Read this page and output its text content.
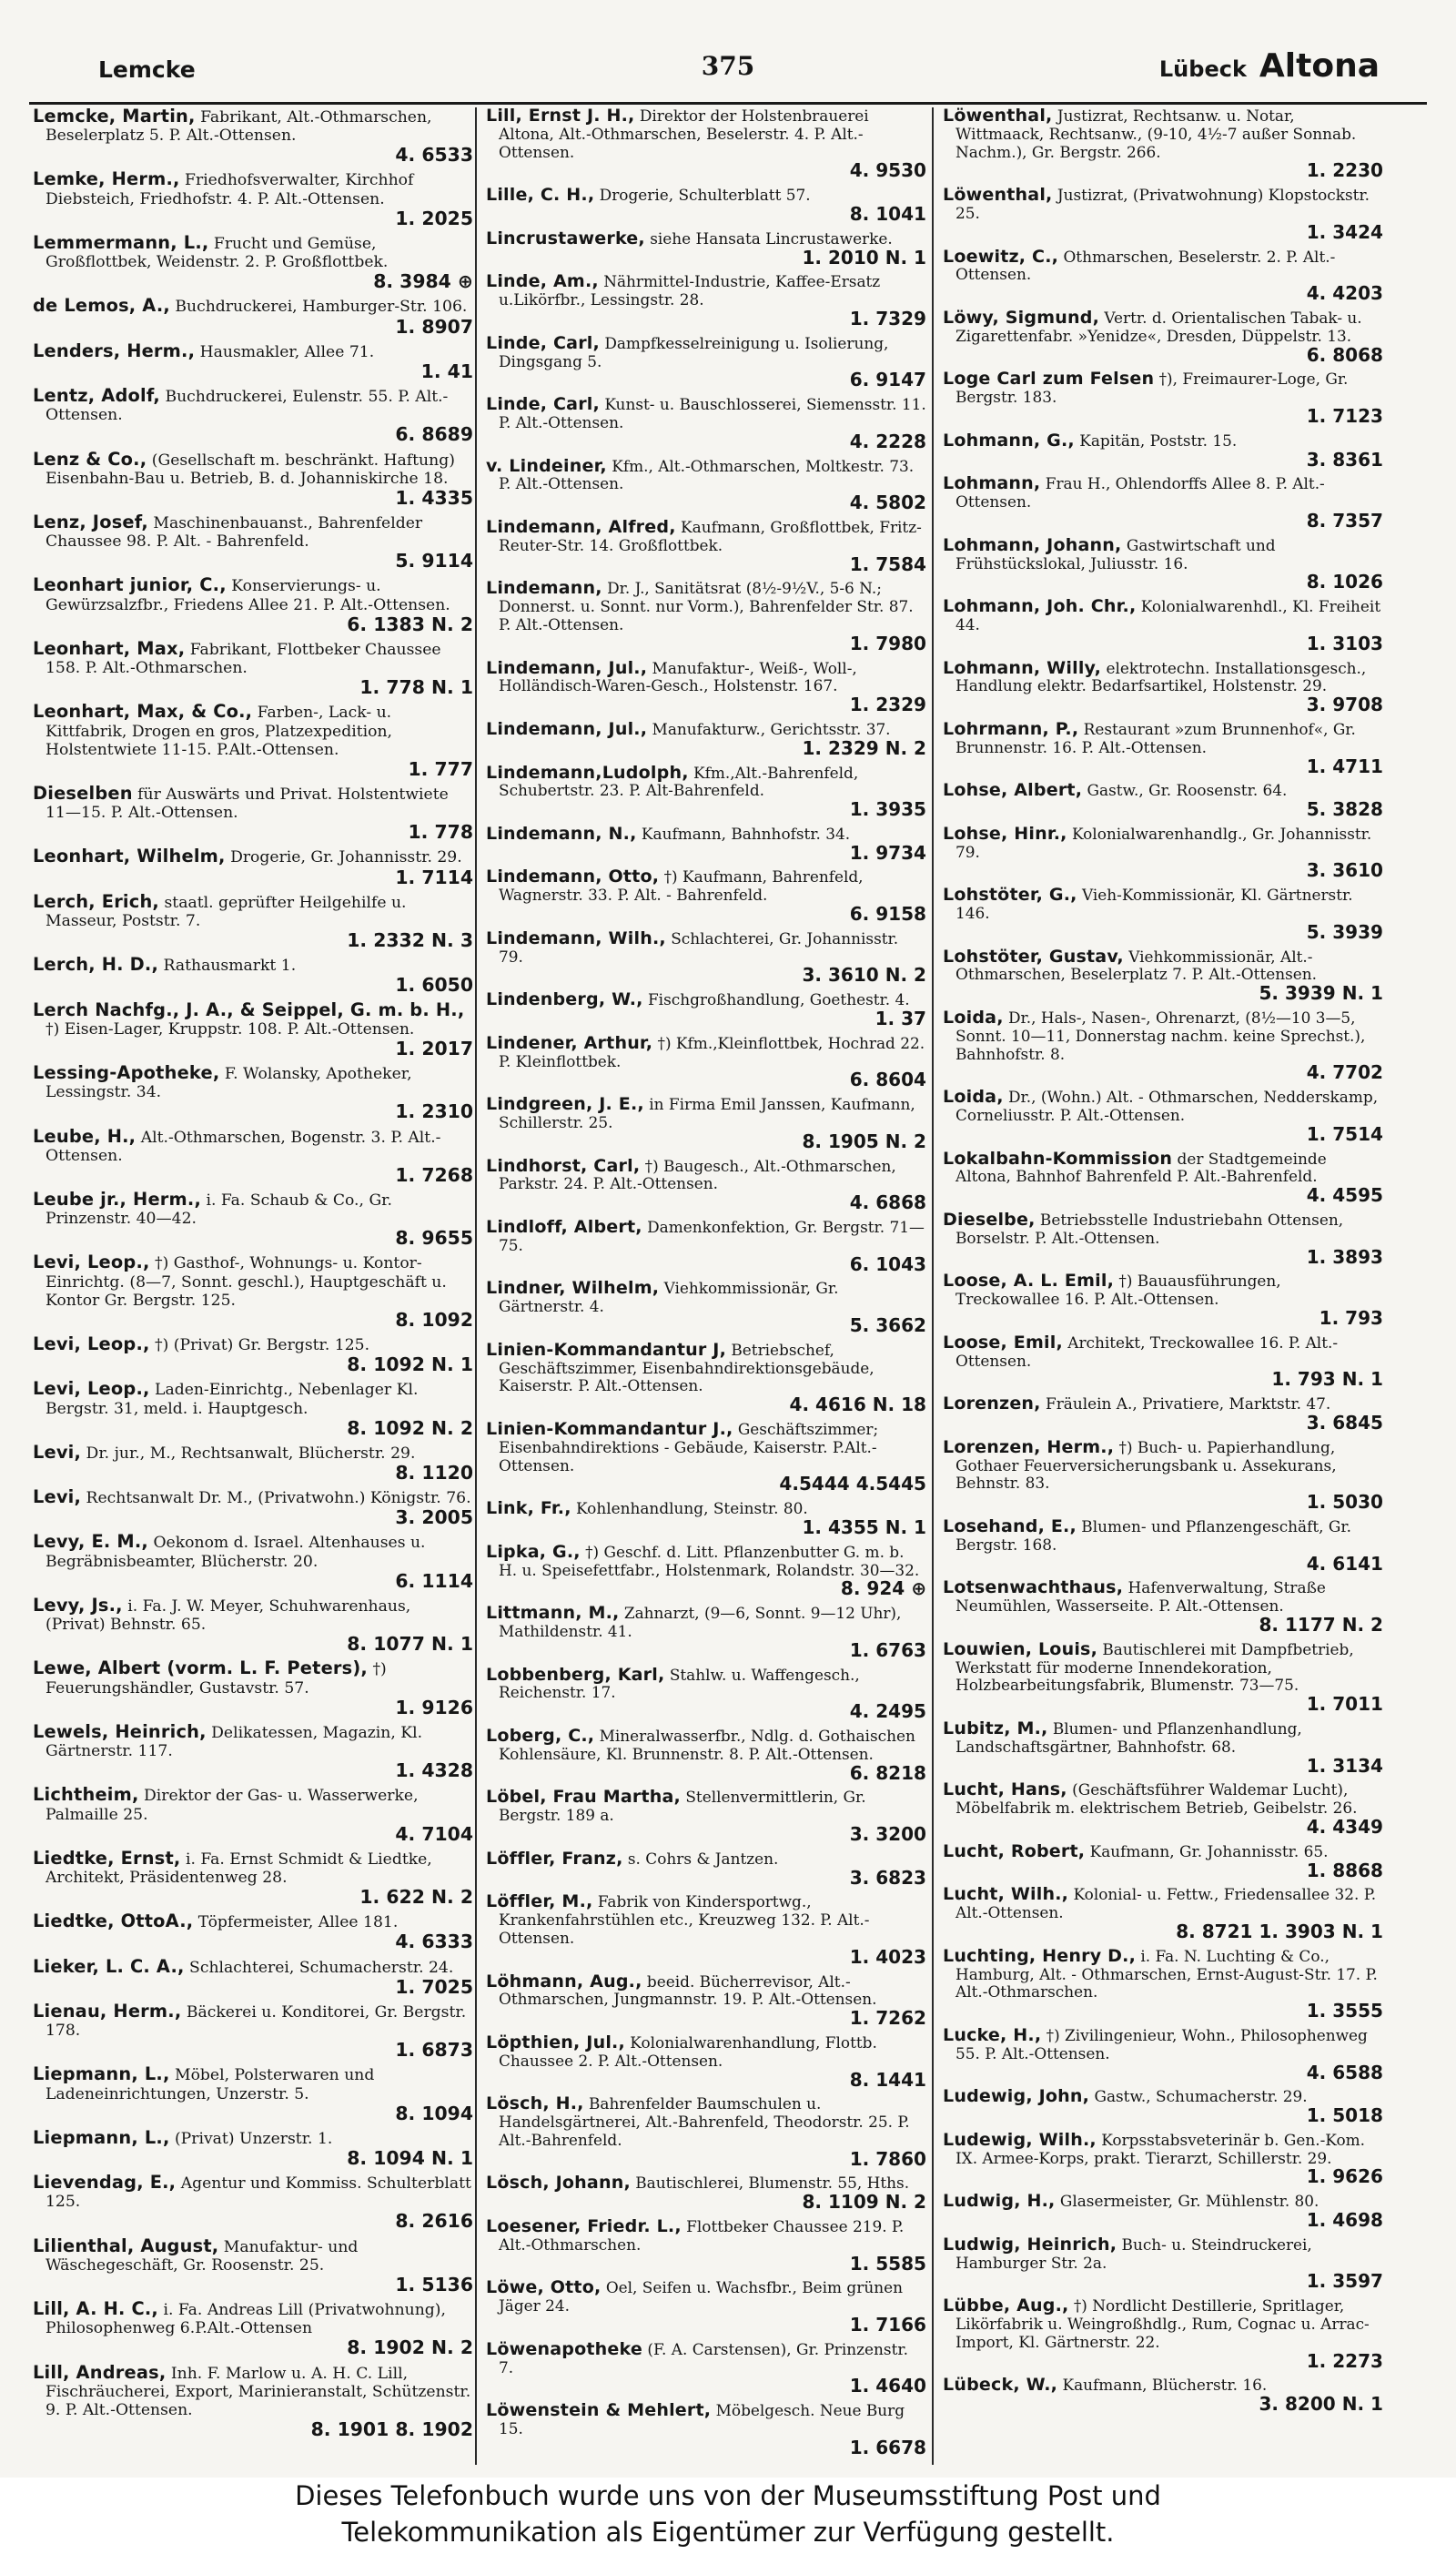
Lemcke	375	Lübeck Altona
Lemcke, Martin, Fabrikant, Alt.-Othmarschen, Beselerplatz 5. P. Alt.-Ottensen.
4. 6533
Lemke, Herm., Friedhofsverwalter, Kirchhof Diebsteich, Friedhofstr. 4. P. Alt.-Ottensen.
1. 2025
Lemmermann, L., Frucht und Gemüse, Großflottbek, Weidenstr. 2. P. Großflottbek.
8. 3984 ⊕
de Lemos, A., Buchdruckerei, Hamburger-Str. 106.
1. 8907
Lenders, Herm., Hausmakler, Allee 71.
1. 41
Lentz, Adolf, Buchdruckerei, Eulenstr. 55. P. Alt.-Ottensen.
6. 8689
Lenz & Co., (Gesellschaft m. beschränkt. Haftung) Eisenbahn-Bau u. Betrieb, B. d. Johanniskirche 18.
1. 4335
Lenz, Josef, Maschinenbauanst., Bahrenfelder Chaussee 98. P. Alt. - Bahrenfeld.
5. 9114
Leonhart junior, C., Konservierungs- u. Gewürzsalzfbr., Friedens Allee 21. P. Alt.-Ottensen.
6. 1383 N. 2
Leonhart, Max, Fabrikant, Flottbeker Chaussee 158. P. Alt.-Othmarschen.
1. 778 N. 1
Leonhart, Max, & Co., Farben-, Lack- u. Kittfabrik, Drogen en gros, Platzexpedition, Holstentwiete 11-15. P.Alt.-Ottensen.
1. 777
Dieselben für Auswärts und Privat. Holstentwiete 11—15. P. Alt.-Ottensen.
1. 778
Leonhart, Wilhelm, Drogerie, Gr. Johannisstr. 29.
1. 7114
Lerch, Erich, staatl. geprüfter Heilgehilfe u. Masseur, Poststr. 7.
1. 2332 N. 3
Lerch, H. D., Rathausmarkt 1.
1. 6050
Lerch Nachfg., J. A., & Seippel, G. m. b. H., †) Eisen-Lager, Kruppstr. 108. P. Alt.-Ottensen.
1. 2017
Lessing-Apotheke, F. Wolansky, Apotheker, Lessingstr. 34.
1. 2310
Leube, H., Alt.-Othmarschen, Bogenstr. 3. P. Alt.-Ottensen.
1. 7268
Leube jr., Herm., i. Fa. Schaub & Co., Gr. Prinzenstr. 40—42.
8. 9655
Levi, Leop., †) Gasthof-, Wohnungs- u. Kontor-Einrichtg. (8—7, Sonnt. geschl.), Hauptgeschäft u. Kontor Gr. Bergstr. 125.
8. 1092
Levi, Leop., †) (Privat) Gr. Bergstr. 125.
8. 1092 N. 1
Levi, Leop., Laden-Einrichtg., Nebenlager Kl. Bergstr. 31, meld. i. Hauptgesch.
8. 1092 N. 2
Levi, Dr. jur., M., Rechtsanwalt, Blücherstr. 29.
8. 1120
Levi, Rechtsanwalt Dr. M., (Privatwohn.) Königstr. 76.
3. 2005
Levy, E. M., Oekonom d. Israel. Altenhauses u. Begräbnisbeamter, Blücherstr. 20.
6. 1114
Levy, Js., i. Fa. J. W. Meyer, Schuhwarenhaus, (Privat) Behnstr. 65.
8. 1077 N. 1
Lewe, Albert (vorm. L. F. Peters), †) Feuerungshändler, Gustavstr. 57.
1. 9126
Lewels, Heinrich, Delikatessen, Magazin, Kl. Gärtnerstr. 117.
1. 4328
Lichtheim, Direktor der Gas- u. Wasserwerke, Palmaille 25.
4. 7104
Liedtke, Ernst, i. Fa. Ernst Schmidt & Liedtke, Architekt, Präsidentenweg 28.
1. 622 N. 2
Liedtke, OttoA., Töpfermeister, Allee 181.
4. 6333
Lieker, L. C. A., Schlachterei, Schumacherstr. 24.
1. 7025
Lienau, Herm., Bäckerei u. Konditorei, Gr. Bergstr. 178.
1. 6873
Liepmann, L., Möbel, Polsterwaren und Ladeneinrichtungen, Unzerstr. 5.
8. 1094
Liepmann, L., (Privat) Unzerstr. 1.
8. 1094 N. 1
Lievendag, E., Agentur und Kommiss. Schulterblatt 125.
8. 2616
Lilienthal, August, Manufaktur- und Wäschegeschäft, Gr. Roosenstr. 25.
1. 5136
Lill, A. H. C., i. Fa. Andreas Lill (Privatwohnung), Philosophenweg 6.P.Alt.-Ottensen
8. 1902 N. 2
Lill, Andreas, Inh. F. Marlow u. A. H. C. Lill, Fischräucherei, Export, Marinieranstalt, Schützenstr. 9. P. Alt.-Ottensen.
8. 1901 8. 1902
Lill, Ernst J. H., Direktor der Holstenbrauerei Altona, Alt.-Othmarschen, Beselerstr. 4. P. Alt.-Ottensen.
4. 9530
Lille, C. H., Drogerie, Schulterblatt 57.
8. 1041
Lincrustawerke, siehe Hansata Lincrustawerke.
1. 2010 N. 1
Linde, Am., Nährmittel-Industrie, Kaffee-Ersatz u.Likörfbr., Lessingstr. 28.
1. 7329
Linde, Carl, Dampfkesselreinigung u. Isolierung, Dingsgang 5.
6. 9147
Linde, Carl, Kunst- u. Bauschlosserei, Siemensstr. 11. P. Alt.-Ottensen.
4. 2228
v. Lindeiner, Kfm., Alt.-Othmarschen, Moltkestr. 73. P. Alt.-Ottensen.
4. 5802
Lindemann, Alfred, Kaufmann, Großflottbek, Fritz-Reuter-Str. 14. Großflottbek.
1. 7584
Lindemann, Dr. J., Sanitätsrat (8½-9½V., 5-6 N.; Donnerst. u. Sonnt. nur Vorm.), Bahrenfelder Str. 87. P. Alt.-Ottensen.
1. 7980
Lindemann, Jul., Manufaktur-, Weiß-, Woll-, Holländisch-Waren-Gesch., Holstenstr. 167.
1. 2329
Lindemann, Jul., Manufakturw., Gerichtsstr. 37.
1. 2329 N. 2
Lindemann,Ludolph, Kfm.,Alt.-Bahrenfeld, Schubertstr. 23. P. Alt-Bahrenfeld.
1. 3935
Lindemann, N., Kaufmann, Bahnhofstr. 34.
1. 9734
Lindemann, Otto, †) Kaufmann, Bahrenfeld, Wagnerstr. 33. P. Alt. - Bahrenfeld.
6. 9158
Lindemann, Wilh., Schlachterei, Gr. Johannisstr. 79.
3. 3610 N. 2
Lindenberg, W., Fischgroßhandlung, Goethestr. 4.
1. 37
Lindener, Arthur, †) Kfm.,Kleinflottbek, Hochrad 22. P. Kleinflottbek.
6. 8604
Lindgreen, J. E., in Firma Emil Janssen, Kaufmann, Schillerstr. 25.
8. 1905 N. 2
Lindhorst, Carl, †) Baugesch., Alt.-Othmarschen, Parkstr. 24. P. Alt.-Ottensen.
4. 6868
Lindloff, Albert, Damenkonfektion, Gr. Bergstr. 71—75.
6. 1043
Lindner, Wilhelm, Viehkommissionär, Gr. Gärtnerstr. 4.
5. 3662
Linien-Kommandantur J, Betriebschef, Geschäftszimmer, Eisenbahndirektionsgebäude, Kaiserstr. P. Alt.-Ottensen.
4. 4616 N. 18
Linien-Kommandantur J., Geschäftszimmer; Eisenbahndirektions - Gebäude, Kaiserstr. P.Alt.-Ottensen.
4.5444 4.5445
Link, Fr., Kohlenhandlung, Steinstr. 80.
1. 4355 N. 1
Lipka, G., †) Geschf. d. Litt. Pflanzenbutter G. m. b. H. u. Speisefettfabr., Holstenmark, Rolandstr. 30—32.
8. 924 ⊕
Littmann, M., Zahnarzt, (9—6, Sonnt. 9—12 Uhr), Mathildenstr. 41.
1. 6763
Lobbenberg, Karl, Stahlw. u. Waffengesch., Reichenstr. 17.
4. 2495
Loberg, C., Mineralwasserfbr., Ndlg. d. Gothaischen Kohlensäure, Kl. Brunnenstr. 8. P. Alt.-Ottensen.
6. 8218
Löbel, Frau Martha, Stellenvermittlerin, Gr. Bergstr. 189 a.
3. 3200
Löffler, Franz, s. Cohrs & Jantzen.
3. 6823
Löffler, M., Fabrik von Kindersportwg., Krankenfahrstühlen etc., Kreuzweg 132. P. Alt.-Ottensen.
1. 4023
Löhmann, Aug., beeid. Bücherrevisor, Alt.-Othmarschen, Jungmannstr. 19. P. Alt.-Ottensen.
1. 7262
Löpthien, Jul., Kolonialwarenhandlung, Flottb. Chaussee 2. P. Alt.-Ottensen.
8. 1441
Lösch, H., Bahrenfelder Baumschulen u. Handelsgärtnerei, Alt.-Bahrenfeld, Theodorstr. 25. P. Alt.-Bahrenfeld.
1. 7860
Lösch, Johann, Bautischlerei, Blumenstr. 55, Hths.
8. 1109 N. 2
Loesener, Friedr. L., Flottbeker Chaussee 219. P. Alt.-Othmarschen.
1. 5585
Löwe, Otto, Oel, Seifen u. Wachsfbr., Beim grünen Jäger 24.
1. 7166
Löwenapotheke (F. A. Carstensen), Gr. Prinzenstr. 7.
1. 4640
Löwenstein & Mehlert, Möbelgesch. Neue Burg 15.
1. 6678
Löwenthal, Justizrat, Rechtsanw. u. Notar, Wittmaack, Rechtsanw., (9-10, 4½-7 außer Sonnab. Nachm.), Gr. Bergstr. 266.
1. 2230
Löwenthal, Justizrat, (Privatwohnung) Klopstockstr. 25.
1. 3424
Loewitz, C., Othmarschen, Beselerstr. 2. P. Alt.-Ottensen.
4. 4203
Löwy, Sigmund, Vertr. d. Orientalischen Tabak- u. Zigarettenfabr. »Yenidze«, Dresden, Düppelstr. 13.
6. 8068
Loge Carl zum Felsen †), Freimaurer-Loge, Gr. Bergstr. 183.
1. 7123
Lohmann, G., Kapitän, Poststr. 15.
3. 8361
Lohmann, Frau H., Ohlendorffs Allee 8. P. Alt.-Ottensen.
8. 7357
Lohmann, Johann, Gastwirtschaft und Frühstückslokal, Juliusstr. 16.
8. 1026
Lohmann, Joh. Chr., Kolonialwarenhdl., Kl. Freiheit 44.
1. 3103
Lohmann, Willy, elektrotechn. Installationsgesch., Handlung elektr. Bedarfsartikel, Holstenstr. 29.
3. 9708
Lohrmann, P., Restaurant »zum Brunnenhof«, Gr. Brunnenstr. 16. P. Alt.-Ottensen.
1. 4711
Lohse, Albert, Gastw., Gr. Roosenstr. 64.
5. 3828
Lohse, Hinr., Kolonialwarenhandlg., Gr. Johannisstr. 79.
3. 3610
Lohstöter, G., Vieh-Kommissionär, Kl. Gärtnerstr. 146.
5. 3939
Lohstöter, Gustav, Viehkommissionär, Alt.-Othmarschen, Beselerplatz 7. P. Alt.-Ottensen.
5. 3939 N. 1
Loida, Dr., Hals-, Nasen-, Ohrenarzt, (8½—10 3—5, Sonnt. 10—11, Donnerstag nachm. keine Sprechst.), Bahnhofstr. 8.
4. 7702
Loida, Dr., (Wohn.) Alt. - Othmarschen, Nedderskamp, Corneliusstr. P. Alt.-Ottensen.
1. 7514
Lokalbahn-Kommission der Stadtgemeinde Altona, Bahnhof Bahrenfeld P. Alt.-Bahrenfeld.
4. 4595
Dieselbe, Betriebsstelle Industriebahn Ottensen, Borselstr. P. Alt.-Ottensen.
1. 3893
Loose, A. L. Emil, †) Bauausführungen, Treckowallee 16. P. Alt.-Ottensen.
1. 793
Loose, Emil, Architekt, Treckowallee 16. P. Alt.-Ottensen.
1. 793 N. 1
Lorenzen, Fräulein A., Privatiere, Marktstr. 47.
3. 6845
Lorenzen, Herm., †) Buch- u. Papierhandlung, Gothaer Feuerversicherungsbank u. Assekurans, Behnstr. 83.
1. 5030
Losehand, E., Blumen- und Pflanzengeschäft, Gr. Bergstr. 168.
4. 6141
Lotsenwachthaus, Hafenverwaltung, Straße Neumühlen, Wasserseite. P. Alt.-Ottensen.
8. 1177 N. 2
Louwien, Louis, Bautischlerei mit Dampfbetrieb, Werkstatt für moderne Innendekoration, Holzbearbeitungsfabrik, Blumenstr. 73—75.
1. 7011
Lubitz, M., Blumen- und Pflanzenhandlung, Landschaftsgärtner, Bahnhofstr. 68.
1. 3134
Lucht, Hans, (Geschäftsführer Waldemar Lucht), Möbelfabrik m. elektrischem Betrieb, Geibelstr. 26.
4. 4349
Lucht, Robert, Kaufmann, Gr. Johannisstr. 65.
1. 8868
Lucht, Wilh., Kolonial- u. Fettw., Friedensallee 32. P. Alt.-Ottensen.
8. 8721 1. 3903 N. 1
Luchting, Henry D., i. Fa. N. Luchting & Co., Hamburg, Alt. - Othmarschen, Ernst-August-Str. 17. P. Alt.-Othmarschen.
1. 3555
Lucke, H., †) Zivilingenieur, Wohn., Philosophenweg 55. P. Alt.-Ottensen.
4. 6588
Ludewig, John, Gastw., Schumacherstr. 29.
1. 5018
Ludewig, Wilh., Korpsstabsveterinär b. Gen.-Kom. IX. Armee-Korps, prakt. Tierarzt, Schillerstr. 29.
1. 9626
Ludwig, H., Glasermeister, Gr. Mühlenstr. 80.
1. 4698
Ludwig, Heinrich, Buch- u. Steindruckerei, Hamburger Str. 2a.
1. 3597
Lübbe, Aug., †) Nordlicht Destillerie, Spritlager, Likörfabrik u. Weingroßhdlg., Rum, Cognac u. Arrac-Import, Kl. Gärtnerstr. 22.
1. 2273
Lübeck, W., Kaufmann, Blücherstr. 16.
3. 8200 N. 1
Dieses Telefonbuch wurde uns von der Museumsstiftung Post und
Telekommunikation als Eigentümer zur Verfügung gestellt.
